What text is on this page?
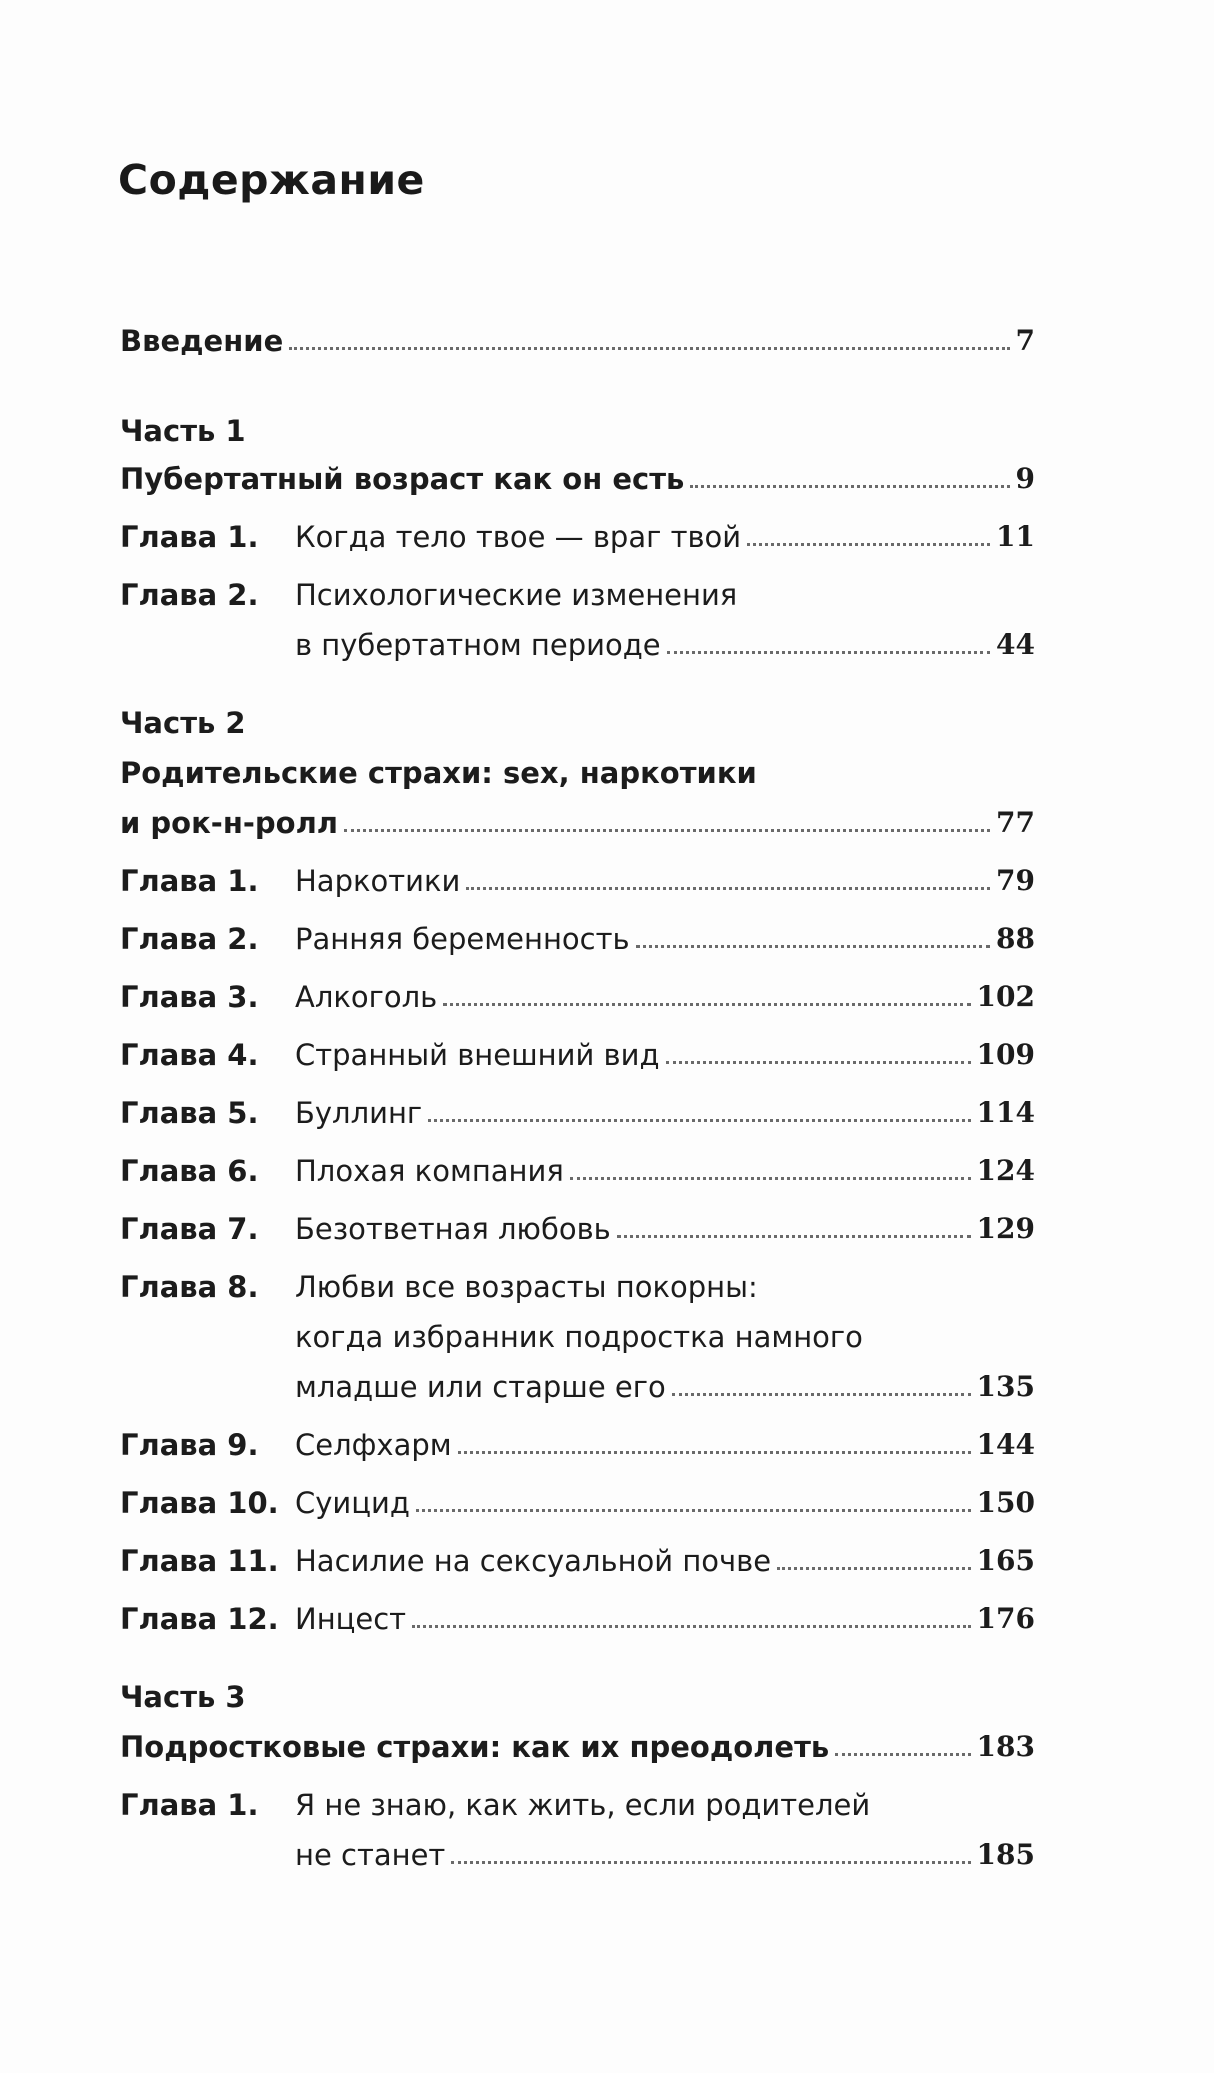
Содержание
Введение	7
Часть 1
Пубертатный возраст как он есть	9
Глава 1.	Когда тело твое — враг твой	11
Глава 2.	Психологические изменения
в пубертатном периоде	44
Часть 2
Родительские страхи: sex, наркотики
и рок-н-ролл	77
Глава 1.	Наркотики	79
Глава 2.	Ранняя беременность	88
Глава 3.	Алкоголь	102
Глава 4.	Странный внешний вид	109
Глава 5.	Буллинг	114
Глава 6.	Плохая компания	124
Глава 7.	Безответная любовь	129
Глава 8.	Любви все возрасты покорны:
когда избранник подростка намного
младше или старше его	135
Глава 9.	Селфхарм	144
Глава 10. Суицид	150
Глава 11. Насилие на сексуальной почве	165
Глава 12. Инцест	176
Часть 3
Подростковые страхи: как их преодолеть	183
Глава 1.	Я не знаю, как жить, если родителей
не станет	185
